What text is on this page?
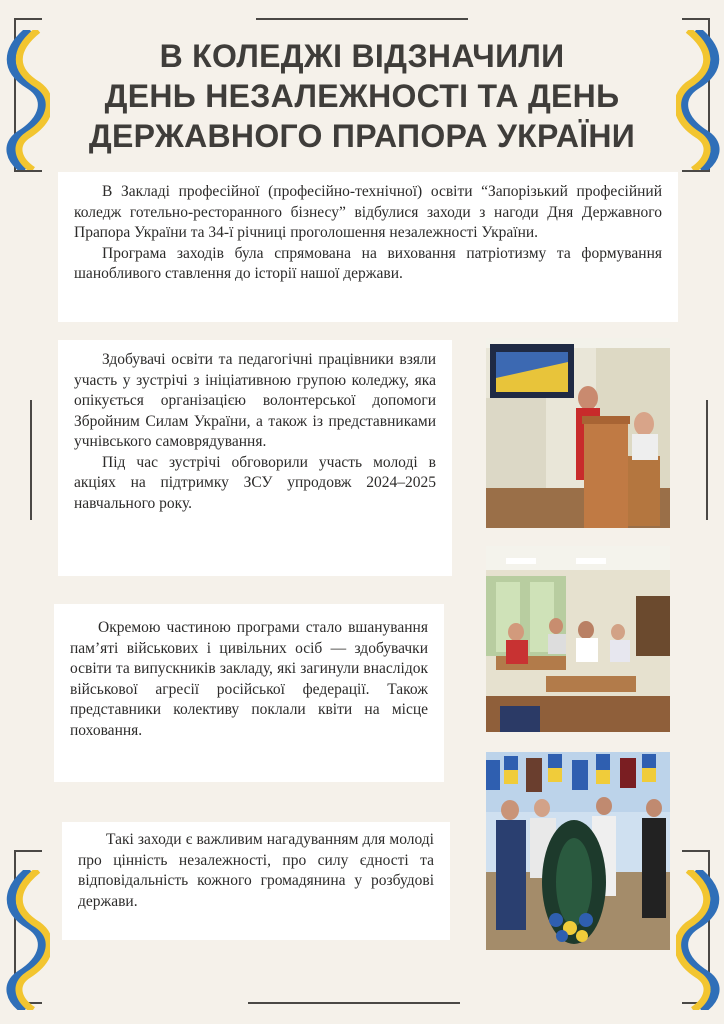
В КОЛЕДЖІ ВІДЗНАЧИЛИ
ДЕНЬ НЕЗАЛЕЖНОСТІ ТА ДЕНЬ
ДЕРЖАВНОГО ПРАПОРА УКРАЇНИ

В Закладі професійної (професійно-технічної) освіти “Запорізький професійний коледж готельно-ресторанного бізнесу” відбулися заходи з нагоди Дня Державного Прапора України та 34-ї річниці проголошення незалежності України.

Програма заходів була спрямована на виховання патріотизму та формування шанобливого ставлення до історії нашої держави.

Здобувачі освіти та педагогічні працівники взяли участь у зустрічі з ініціативною групою коледжу, яка опікується організацією волонтерської допомоги Збройним Силам України, а також із представниками учнівського самоврядування.

Під час зустрічі обговорили участь молоді в акціях на підтримку ЗСУ упродовж 2024–2025 навчального року.

Окремою частиною програми стало вшанування пам’яті військових і цивільних осіб — здобувачки освіти та випускників закладу, які загинули внаслідок військової агресії російської федерації. Також представники колективу поклали квіти на місце поховання.

Такі заходи є важливим нагадуванням для молоді про цінність незалежності, про силу єдності та відповідальність кожного громадянина у розбудові держави.
